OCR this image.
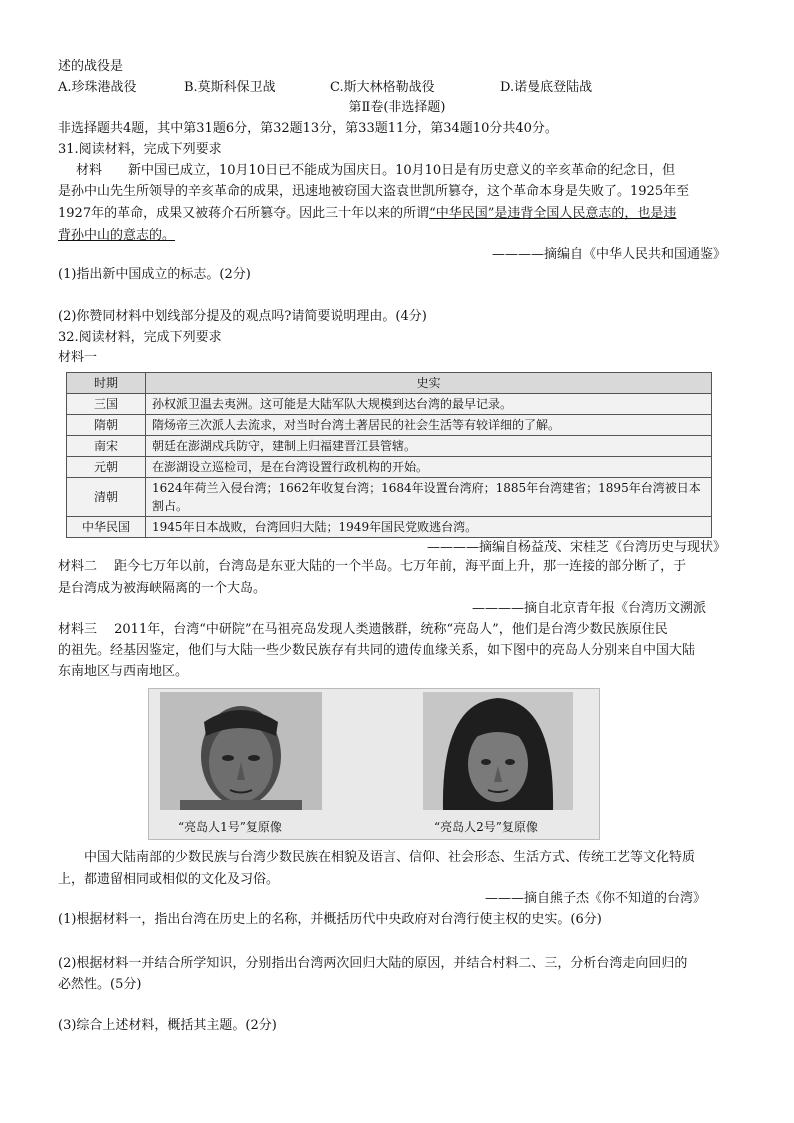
述的战役是
A.珍珠港战役	B.莫斯科保卫战	C.斯大林格勒战役	D.诺曼底登陆战
第Ⅱ卷(非选择题)
非选择题共4题，其中第31题6分，第32题13分，第33题11分，第34题10分共40分。
31.阅读材料，完成下列要求
材料　　新中国已成立，10月10日已不能成为国庆日。10月10日是有历史意义的辛亥革命的纪念日，但
是孙中山先生所领导的辛亥革命的成果，迅速地被窃国大盗袁世凯所篡夺，这个革命本身是失败了。1925年至
1927年的革命，成果又被蒋介石所篡夺。因此三十年以来的所谓“中华民国”是违背全国人民意志的，也是违
背孙中山的意志的。
————摘编自《中华人民共和国通鉴》
(1)指出新中国成立的标志。(2分)
(2)你赞同材料中划线部分提及的观点吗?请简要说明理由。(4分)
32.阅读材料，完成下列要求
材料一
时期	史实
三国	孙权派卫温去夷洲。这可能是大陆军队大规模到达台湾的最早记录。
隋朝	隋炀帝三次派人去流求，对当时台湾土著居民的社会生活等有较详细的了解。
南宋	朝廷在澎湖戍兵防守，建制上归福建晋江县管辖。
元朝	在澎湖设立巡检司，是在台湾设置行政机构的开始。
清朝	1624年荷兰入侵台湾；1662年收复台湾；1684年设置台湾府；1885年台湾建省；1895年台湾被日本割占。
中华民国	1945年日本战败，台湾回归大陆；1949年国民党败逃台湾。
————摘编自杨益茂、宋桂芝《台湾历史与现状》
材料二　 距今七万年以前，台湾岛是东亚大陆的一个半岛。七万年前，海平面上升，那一连接的部分断了，于
是台湾成为被海峡隔离的一个大岛。
————摘自北京青年报《台湾历文溯派
材料三　 2011年，台湾“中研院”在马祖亮岛发现人类遗骸群，统称“亮岛人”，他们是台湾少数民族原住民
的祖先。经基因鉴定，他们与大陆一些少数民族存有共同的遗传血缘关系，如下图中的亮岛人分别来自中国大陆
东南地区与西南地区。
“亮岛人1号”复原像	“亮岛人2号”复原像
　　中国大陆南部的少数民族与台湾少数民族在相貌及语言、信仰、社会形态、生活方式、传统工艺等文化特质
上，都遗留相同或相似的文化及习俗。
———摘自熊子杰《你不知道的台湾》
(1)根据材料一，指出台湾在历史上的名称，并概括历代中央政府对台湾行使主权的史实。(6分)
(2)根据材料一并结合所学知识，分别指出台湾两次回归大陆的原因，并结合村料二、三，分析台湾走向回归的
必然性。(5分)
(3)综合上述材料，概括其主题。(2分)
